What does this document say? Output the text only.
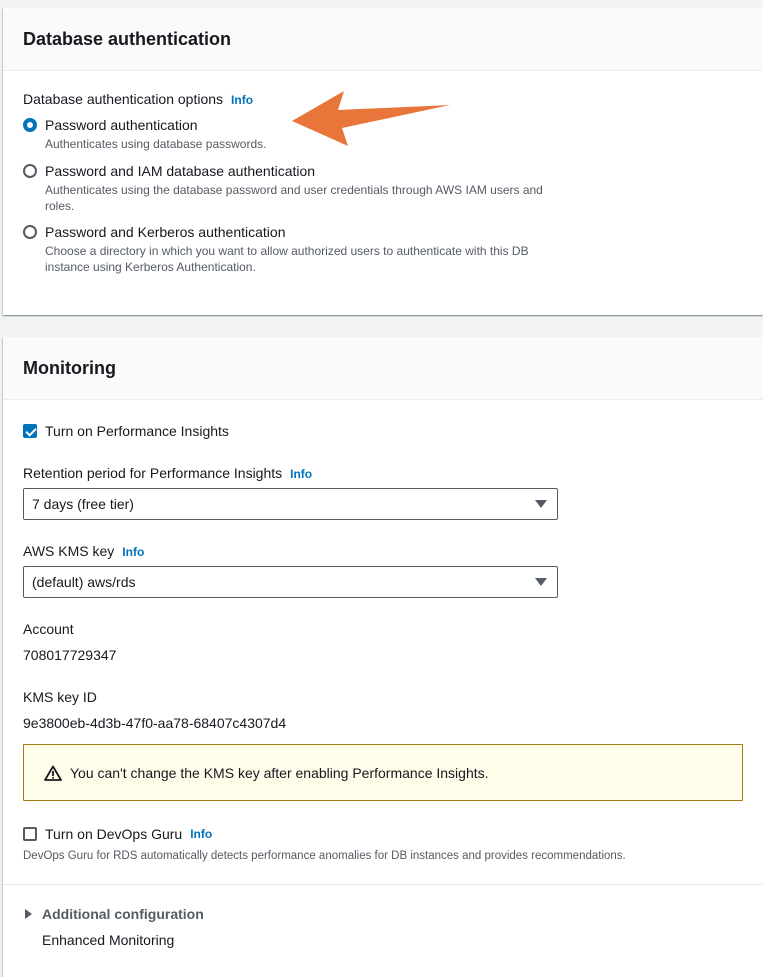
Database authentication
Database authentication options Info
Password authentication
Authenticates using database passwords.
Password and IAM database authentication
Authenticates using the database password and user credentials through AWS IAM users and roles.
Password and Kerberos authentication
Choose a directory in which you want to allow authorized users to authenticate with this DB instance using Kerberos Authentication.
Monitoring
Turn on Performance Insights
Retention period for Performance Insights Info
7 days (free tier)
AWS KMS key Info
(default) aws/rds
Account
708017729347
KMS key ID
9e3800eb-4d3b-47f0-aa78-68407c4307d4
You can't change the KMS key after enabling Performance Insights.
Turn on DevOps Guru Info
DevOps Guru for RDS automatically detects performance anomalies for DB instances and provides recommendations.
Additional configuration
Enhanced Monitoring
